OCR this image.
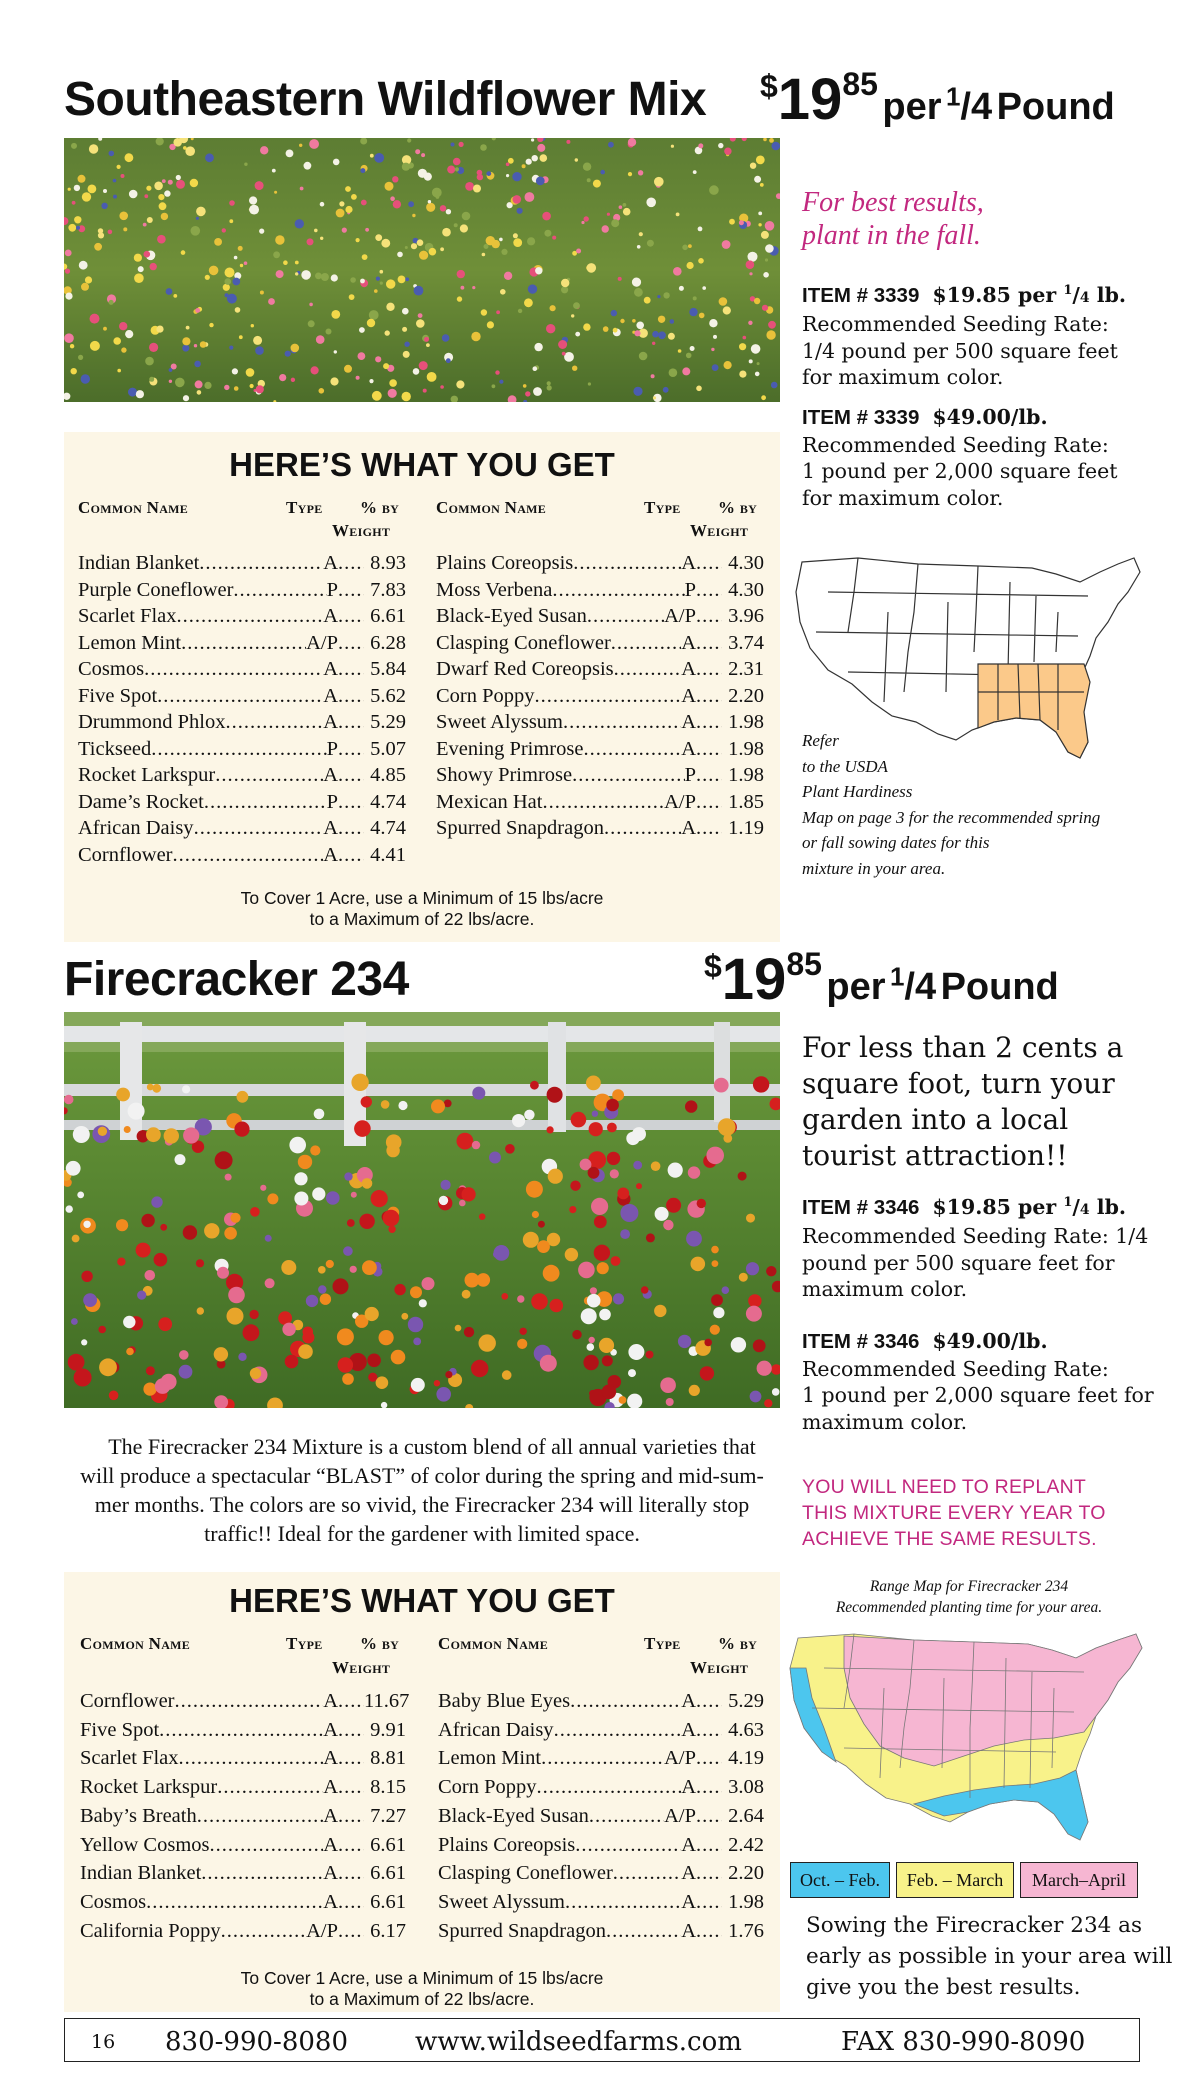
Southeastern Wildflower Mix $1985 per $^1$/4 Pound
For best results,
plant in the fall.
ITEM # 3339 $19.85 per $^1$/4 lb.
Recommended Seeding Rate:
1/4 pound per 500 square feet
for maximum color.
ITEM # 3339 $49.00/lb.
Recommended Seeding Rate:
1 pound per 2,000 square feet
for maximum color.
Refer
to the USDA
Plant Hardiness
Map on page 3 for the recommended spring
or fall sowing dates for this
mixture in your area.
HERE’S WHAT YOU GET
Common Name	Type % by
Weight
Common Name	Type % by
Weight
Indian Blanket .....	A ..... 8.93
Purple Coneflower .....	P ..... 7.83
Scarlet Flax .....	A ..... 6.61
Lemon Mint .....	A/P ..... 6.28
Cosmos .....	A ..... 5.84
Five Spot .....	A ..... 5.62
Drummond Phlox .....	A ..... 5.29
Tickseed .....	P ..... 5.07
Rocket Larkspur .....	A ..... 4.85
Dame’s Rocket .....	P ..... 4.74
African Daisy .....	A ..... 4.74
Cornflower .....	A ..... 4.41
Plains Coreopsis .....	A ..... 4.30
Moss Verbena .....	P ..... 4.30
Black-Eyed Susan .....	A/P ..... 3.96
Clasping Coneflower .....	A ..... 3.74
Dwarf Red Coreopsis .....	A ..... 2.31
Corn Poppy .....	A ..... 2.20
Sweet Alyssum .....	A ..... 1.98
Evening Primrose .....	A ..... 1.98
Showy Primrose .....	P ..... 1.98
Mexican Hat .....	A/P ..... 1.85
Spurred Snapdragon .....	A ..... 1.19
To Cover 1 Acre, use a Minimum of 15 lbs/acre
to a Maximum of 22 lbs/acre.
Firecracker 234	$1985 per $^1$/4 Pound
The Firecracker 234 Mixture is a custom blend of all annual varieties that
will produce a spectacular “BLAST” of color during the spring and mid-sum-
mer months. The colors are so vivid, the Firecracker 234 will literally stop
traffic!! Ideal for the gardener with limited space.
For less than 2 cents a
square foot, turn your
garden into a local
tourist attraction!!
ITEM # 3346 $19.85 per $^1$/4 lb.
Recommended Seeding Rate: 1/4
pound per 500 square feet for
maximum color.
ITEM # 3346 $49.00/lb.
Recommended Seeding Rate:
1 pound per 2,000 square feet for
maximum color.
YOU WILL NEED TO REPLANT
THIS MIXTURE EVERY YEAR TO
ACHIEVE THE SAME RESULTS.
Range Map for Firecracker 234
Recommended planting time for your area.
Oct. – Feb. Feb. – March March–April
Sowing the Firecracker 234 as
early as possible in your area will
give you the best results.
HERE’S WHAT YOU GET
Common Name	Type % by
Weight
Common Name	Type % by
Weight
Cornflower .....	A ..... 11.67
Five Spot .....	A ..... 9.91
Scarlet Flax .....	A ..... 8.81
Rocket Larkspur .....	A ..... 8.15
Baby’s Breath .....	A ..... 7.27
Yellow Cosmos .....	A ..... 6.61
Indian Blanket .....	A ..... 6.61
Cosmos .....	A ..... 6.61
California Poppy .....	A/P ..... 6.17
Baby Blue Eyes .....	A ..... 5.29
African Daisy .....	A ..... 4.63
Lemon Mint .....	A/P ..... 4.19
Corn Poppy .....	A ..... 3.08
Black-Eyed Susan .....	A/P ..... 2.64
Plains Coreopsis .....	A ..... 2.42
Clasping Coneflower .....	A ..... 2.20
Sweet Alyssum .....	A ..... 1.98
Spurred Snapdragon .....	A ..... 1.76
To Cover 1 Acre, use a Minimum of 15 lbs/acre
to a Maximum of 22 lbs/acre.
16 830-990-8080	www.wildseedfarms.com	FAX 830-990-8090
